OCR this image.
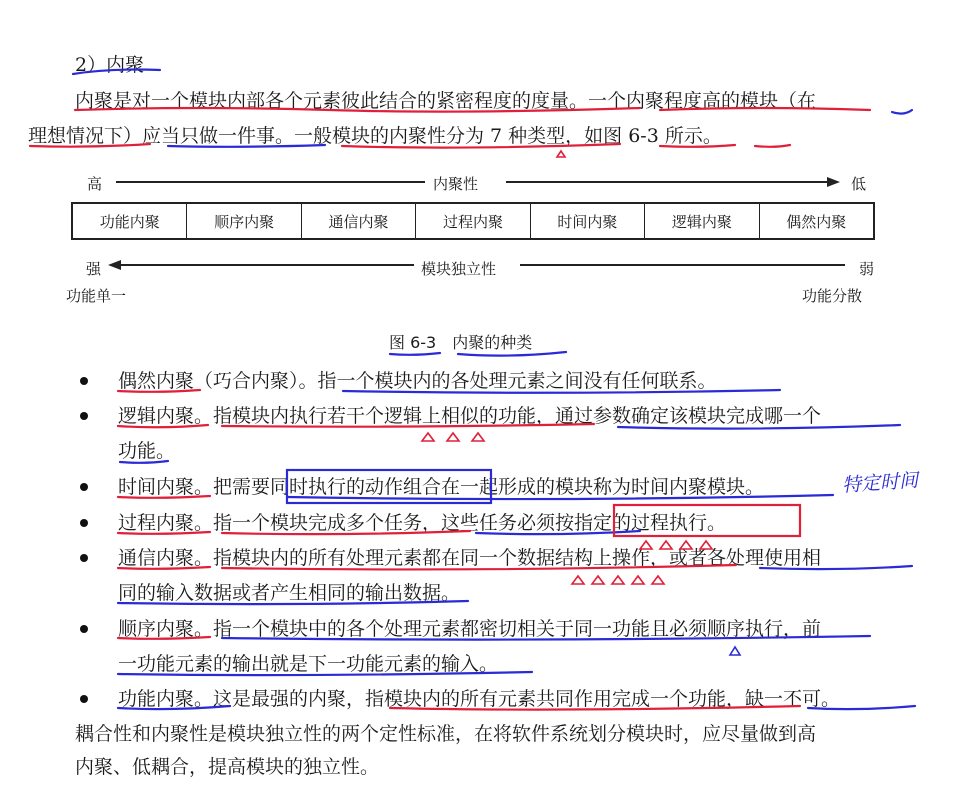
2）内聚
内聚是对一个模块内部各个元素彼此结合的紧密程度的度量。一个内聚程度高的模块（在
理想情况下）应当只做一件事。一般模块的内聚性分为 7 种类型，如图 6-3 所示。
高	内聚性	低
功能内聚	顺序内聚	通信内聚	过程内聚	时间内聚	逻辑内聚	偶然内聚
强
功能单一
模块独立性	弱
功能分散
图 6-3　内聚的种类
偶然内聚（巧合内聚）。指一个模块内的各处理元素之间没有任何联系。
逻辑内聚。指模块内执行若干个逻辑上相似的功能，通过参数确定该模块完成哪一个
功能。
时间内聚。把需要同时执行的动作组合在一起形成的模块称为时间内聚模块。
过程内聚。指一个模块完成多个任务，这些任务必须按指定的过程执行。
通信内聚。指模块内的所有处理元素都在同一个数据结构上操作，或者各处理使用相
同的输入数据或者产生相同的输出数据。
顺序内聚。指一个模块中的各个处理元素都密切相关于同一功能且必须顺序执行，前
一功能元素的输出就是下一功能元素的输入。
功能内聚。这是最强的内聚，指模块内的所有元素共同作用完成一个功能，缺一不可。
耦合性和内聚性是模块独立性的两个定性标准，在将软件系统划分模块时，应尽量做到高
内聚、低耦合，提高模块的独立性。
特定时间
